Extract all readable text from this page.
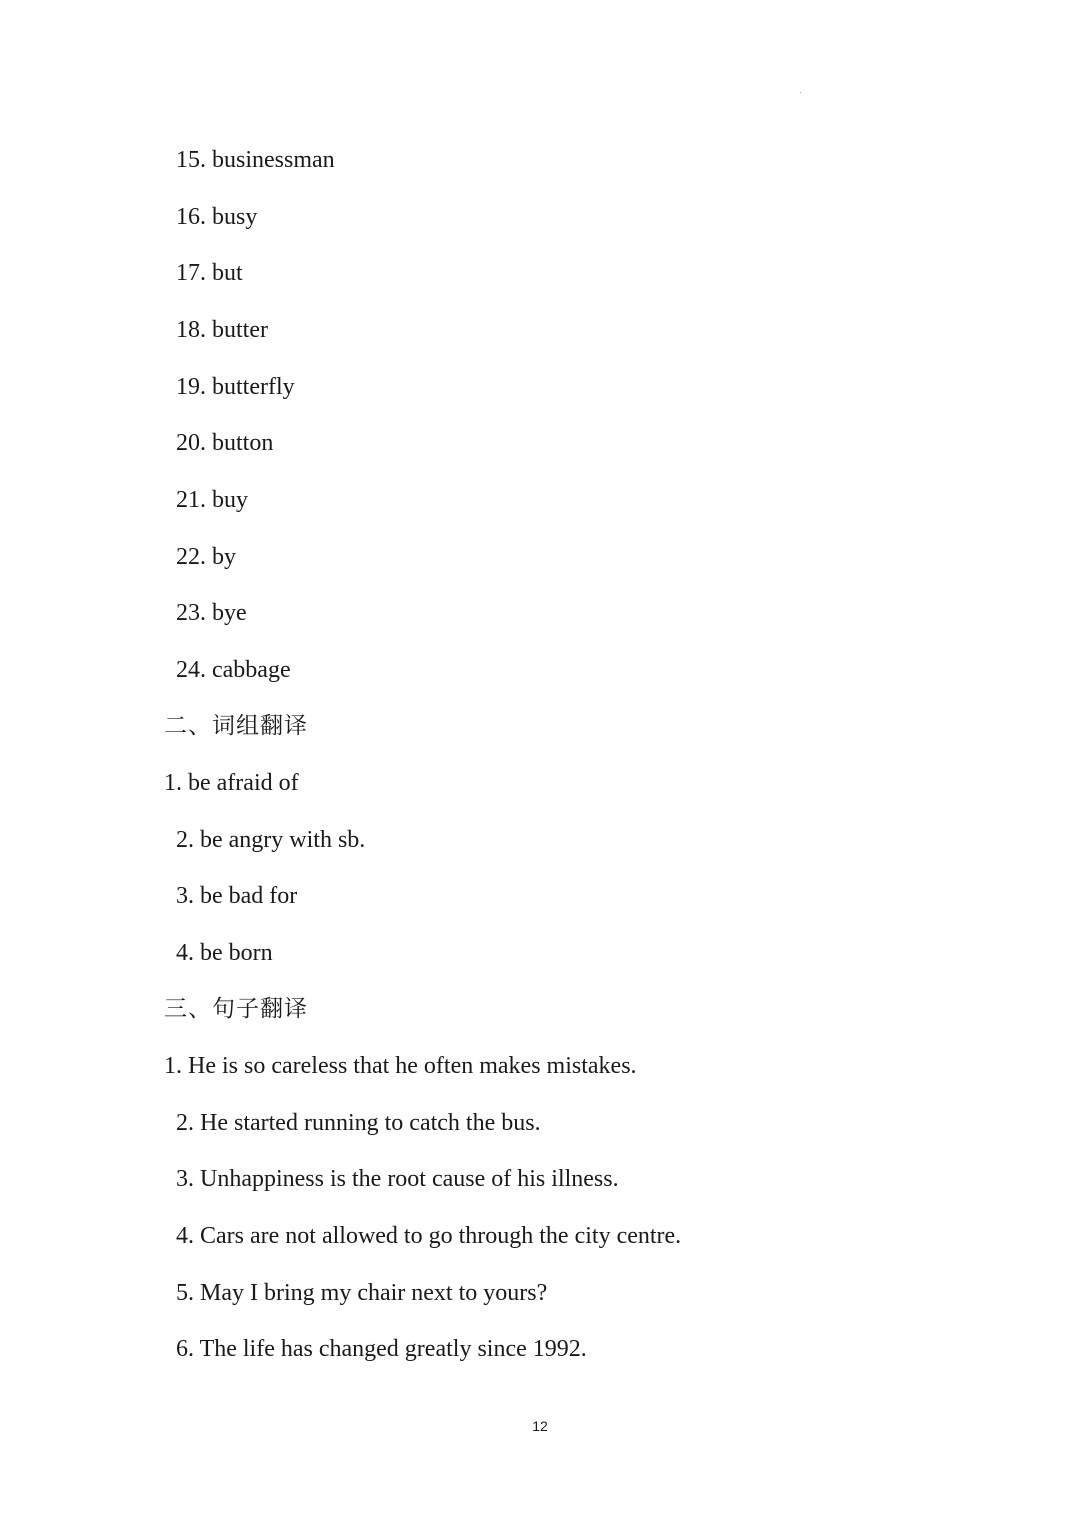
15. businessman
16. busy
17. but
18. butter
19. butterfly
20. button
21. buy
22. by
23. bye
24. cabbage
二、词组翻译
1. be afraid of
2. be angry with sb.
3. be bad for
4. be born
三、句子翻译
1. He is so careless that he often makes mistakes.
2. He started running to catch the bus.
3. Unhappiness is the root cause of his illness.
4. Cars are not allowed to go through the city centre.
5. May I bring my chair next to yours?
6. The life has changed greatly since 1992.
12
